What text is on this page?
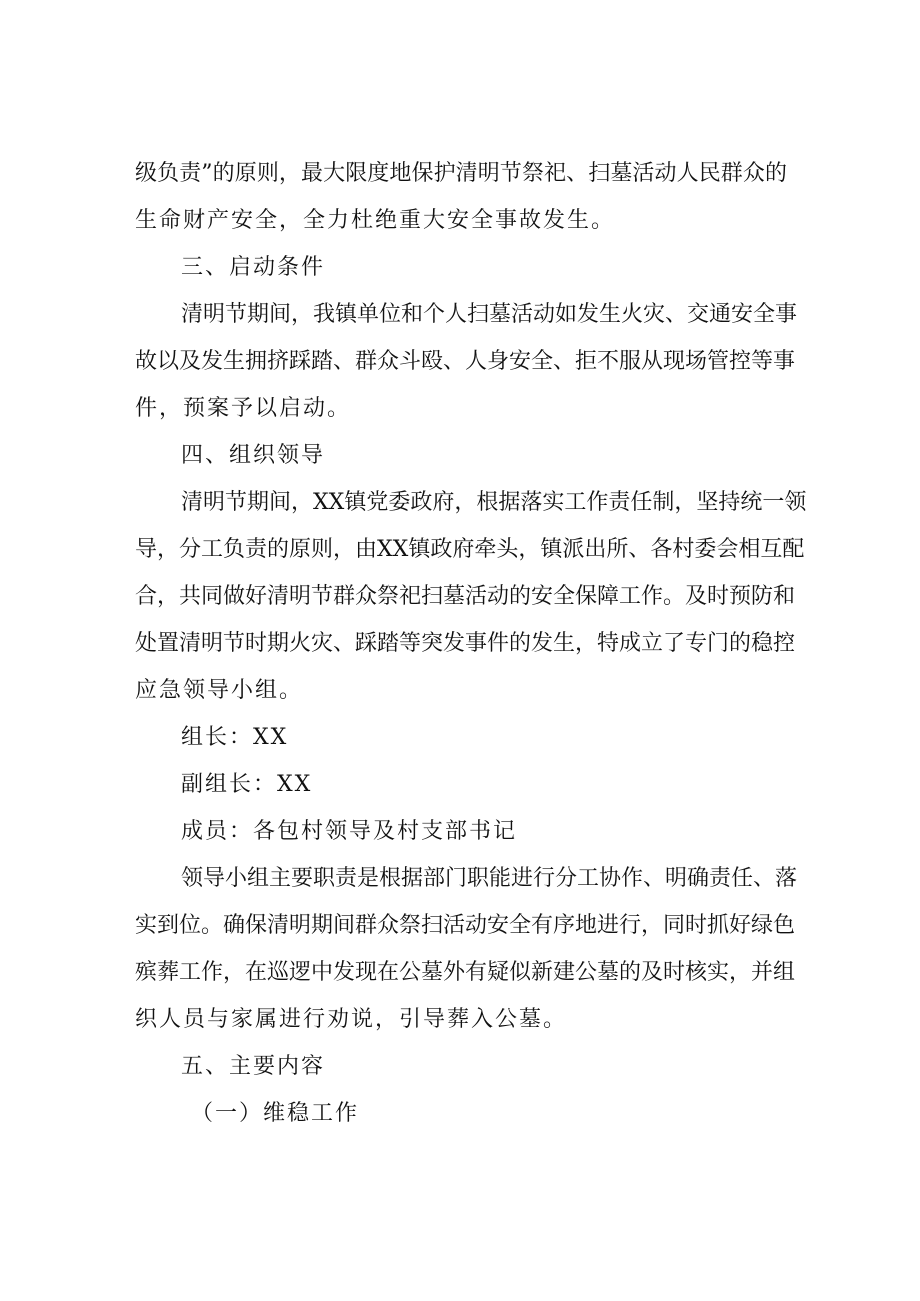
级负责”的原则，最大限度地保护清明节祭祀、扫墓活动人民群众的
生命财产安全，全力杜绝重大安全事故发生。
三、启动条件
清明节期间，我镇单位和个人扫墓活动如发生火灾、交通安全事
故以及发生拥挤踩踏、群众斗殴、人身安全、拒不服从现场管控等事
件，预案予以启动。
四、组织领导
清明节期间，XX镇党委政府，根据落实工作责任制，坚持统一领
导，分工负责的原则，由XX镇政府牵头，镇派出所、各村委会相互配
合，共同做好清明节群众祭祀扫墓活动的安全保障工作。及时预防和
处置清明节时期火灾、踩踏等突发事件的发生，特成立了专门的稳控
应急领导小组。
组长：XX
副组长：XX
成员：各包村领导及村支部书记
领导小组主要职责是根据部门职能进行分工协作、明确责任、落
实到位。确保清明期间群众祭扫活动安全有序地进行，同时抓好绿色
殡葬工作，在巡逻中发现在公墓外有疑似新建公墓的及时核实，并组
织人员与家属进行劝说，引导葬入公墓。
五、主要内容
（一）维稳工作
